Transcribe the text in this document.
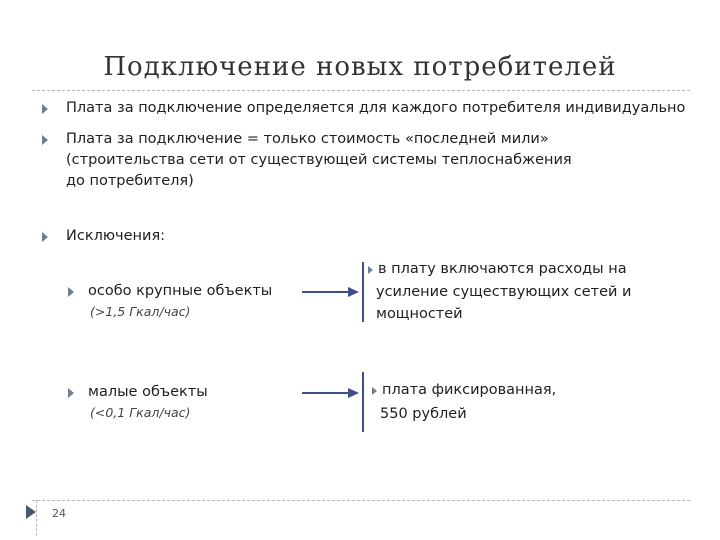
Подключение новых потребителей
Плата за подключение определяется для каждого потребителя индивидуально
Плата за подключение = только стоимость «последней мили»
(строительства сети от существующей системы теплоснабжения
до потребителя)
Исключения:
особо крупные объекты
(>1,5 Гкал/час)
в плату включаются расходы на
усиление существующих сетей и
мощностей
малые объекты
(<0,1 Гкал/час)
плата фиксированная,
550 рублей
24
